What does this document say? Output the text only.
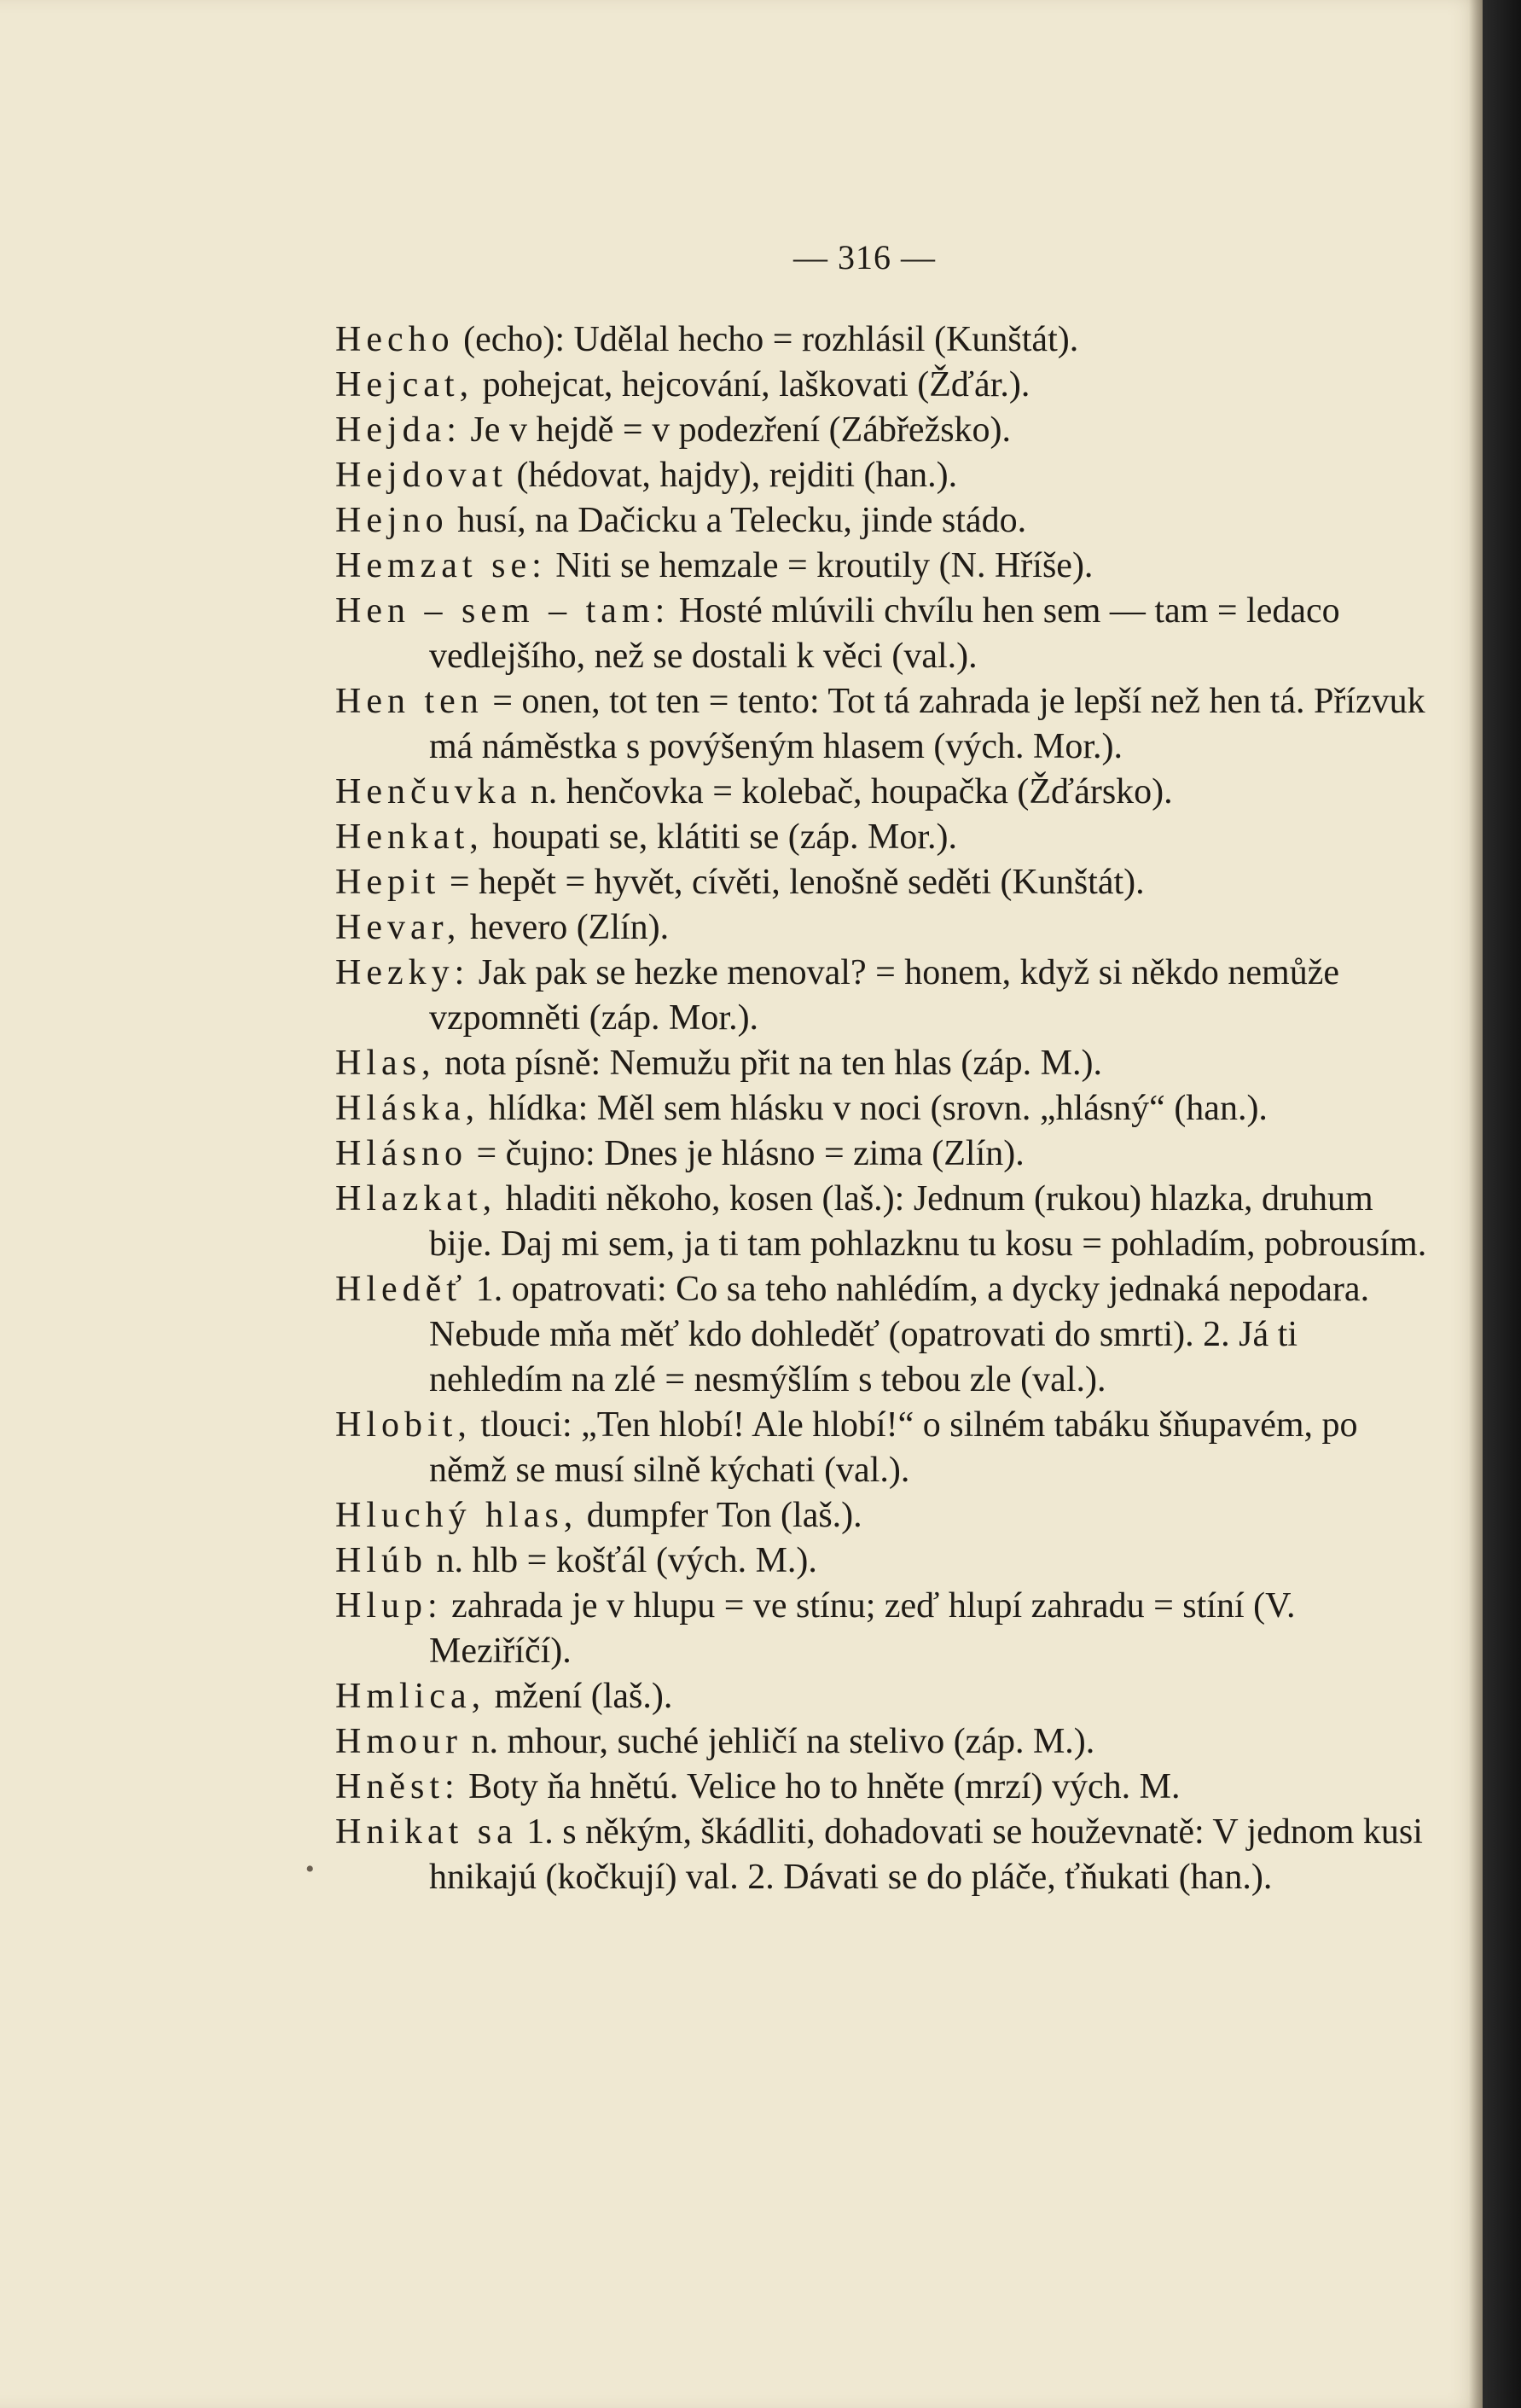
— 316 —
Hecho (echo): Udělal hecho = rozhlásil (Kunštát).
Hejcat, pohejcat, hejcování, laškovati (Žďár.).
Hejda: Je v hejdě = v podezření (Zábřežsko).
Hejdovat (hédovat, hajdy), rejditi (han.).
Hejno husí, na Dačicku a Telecku, jinde stádo.
Hemzat se: Niti se hemzale = kroutily (N. Hříše).
Hen – sem – tam: Hosté mlúvili chvílu hen sem — tam = ledaco vedlejšího, než se dostali k věci (val.).
Hen ten = onen, tot ten = tento: Tot tá zahrada je lepší než hen tá. Přízvuk má náměstka s povýšeným hlasem (vých. Mor.).
Henčuvka n. henčovka = kolebač, houpačka (Žďársko).
Henkat, houpati se, klátiti se (záp. Mor.).
Hepit = hepět = hyvět, cívěti, lenošně seděti (Kunštát).
Hevar, hevero (Zlín).
Hezky: Jak pak se hezke menoval? = honem, když si někdo nemůže vzpomněti (záp. Mor.).
Hlas, nota písně: Nemužu přit na ten hlas (záp. M.).
Hláska, hlídka: Měl sem hlásku v noci (srovn. „hlásný“ (han.).
Hlásno = čujno: Dnes je hlásno = zima (Zlín).
Hlazkat, hladiti někoho, kosen (laš.): Jednum (rukou) hlazka, druhum bije. Daj mi sem, ja ti tam pohlazknu tu kosu = pohladím, pobrousím.
Hleděť 1. opatrovati: Co sa teho nahlédím, a dycky jednaká nepodara. Nebude mňa měť kdo dohleděť (opatrovati do smrti). 2. Já ti nehledím na zlé = nesmýšlím s tebou zle (val.).
Hlobit, tlouci: „Ten hlobí! Ale hlobí!“ o silném tabáku šňupavém, po němž se musí silně kýchati (val.).
Hluchý hlas, dumpfer Ton (laš.).
Hlúb n. hlb = košťál (vých. M.).
Hlup: zahrada je v hlupu = ve stínu; zeď hlupí zahradu = stíní (V. Meziříčí).
Hmlica, mžení (laš.).
Hmour n. mhour, suché jehličí na stelivo (záp. M.).
Hněst: Boty ňa hnětú. Velice ho to hněte (mrzí) vých. M.
Hnikat sa 1. s někým, škádliti, dohadovati se houževnatě: V jednom kusi hnikajú (kočkují) val. 2. Dávati se do pláče, ťňukati (han.).
•
